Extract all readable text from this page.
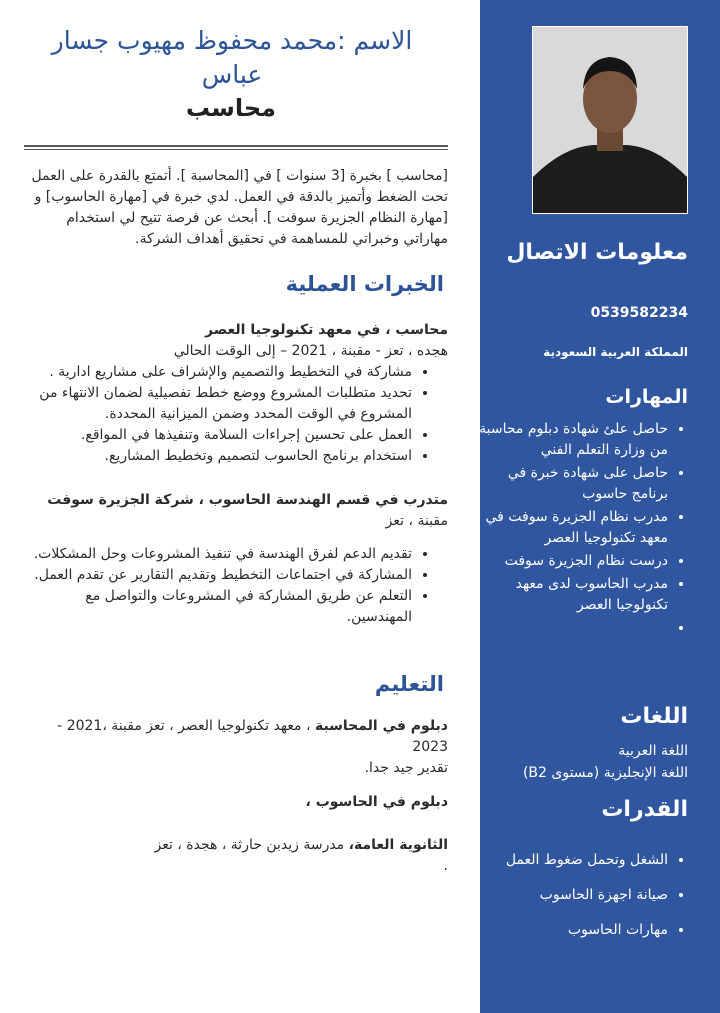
معلومات الاتصال
0539582234
المملكة العربية السعودية
المهارات
• حاصل علئ شهادة دبلوم محاسبة من وزارة التعلم الفني
• حاصل على شهادة خبرة في برنامج حاسوب
• مدرب نظام الجزيرة سوفت في معهد تكنولوجيا العصر
• درست نظام الجزيرة سوفت
• مدرب الحاسوب لدى معهد تكنولوجيا العصر
•
اللغات
اللغة العربية
اللغة الإنجليزية (مستوى B2)
القدرات
• الشغل وتحمل ضغوط العمل
• صيانة اجهزة الحاسوب
• مهارات الحاسوب
الاسم :محمد محفوظ مهيوب جسار عباس
محاسب

[محاسب ] بخبرة [3 سنوات ] في [المحاسبة ]. أتمتع بالقدرة على العمل تحت الضغط وأتميز بالدقة في العمل. لدي خبرة في [مهارة الحاسوب] و [مهارة النظام الجزيرة سوفت ]. أبحث عن فرصة تتيح لي استخدام مهاراتي وخبراتي للمساهمة في تحقيق أهداف الشركة.

الخبرات العملية

محاسب ، في معهد تكنولوجيا العصر

هجده ، تعز - مقبنة ، 2021 – إلى الوقت الحالي

• مشاركة في التخطيط والتصميم والإشراف على مشاريع ادارية .
• تحديد متطلبات المشروع ووضع خطط تفصيلية لضمان الانتهاء من المشروع في الوقت المحدد وضمن الميزانية المحددة.
• العمل على تحسين إجراءات السلامة وتنفيذها في المواقع.
• استخدام برنامج الحاسوب لتصميم وتخطيط المشاريع.

متدرب في قسم الهندسة الحاسوب ، شركة الجزيرة سوفت

مقبنة ، تعز

• تقديم الدعم لفرق الهندسة في تنفيذ المشروعات وحل المشكلات.
• المشاركة في اجتماعات التخطيط وتقديم التقارير عن تقدم العمل.
• التعلم عن طريق المشاركة في المشروعات والتواصل مع المهندسين.
التعليم

دبلوم في المحاسبة ، معهد تكنولوجيا العصر ، تعز مقبنة ،2021 - 2023

تقدير جيد جدا.

دبلوم في الحاسوب ،

الثانوية العامة، مدرسة زيدبن حارثة ، هجدة ، تعز

.
